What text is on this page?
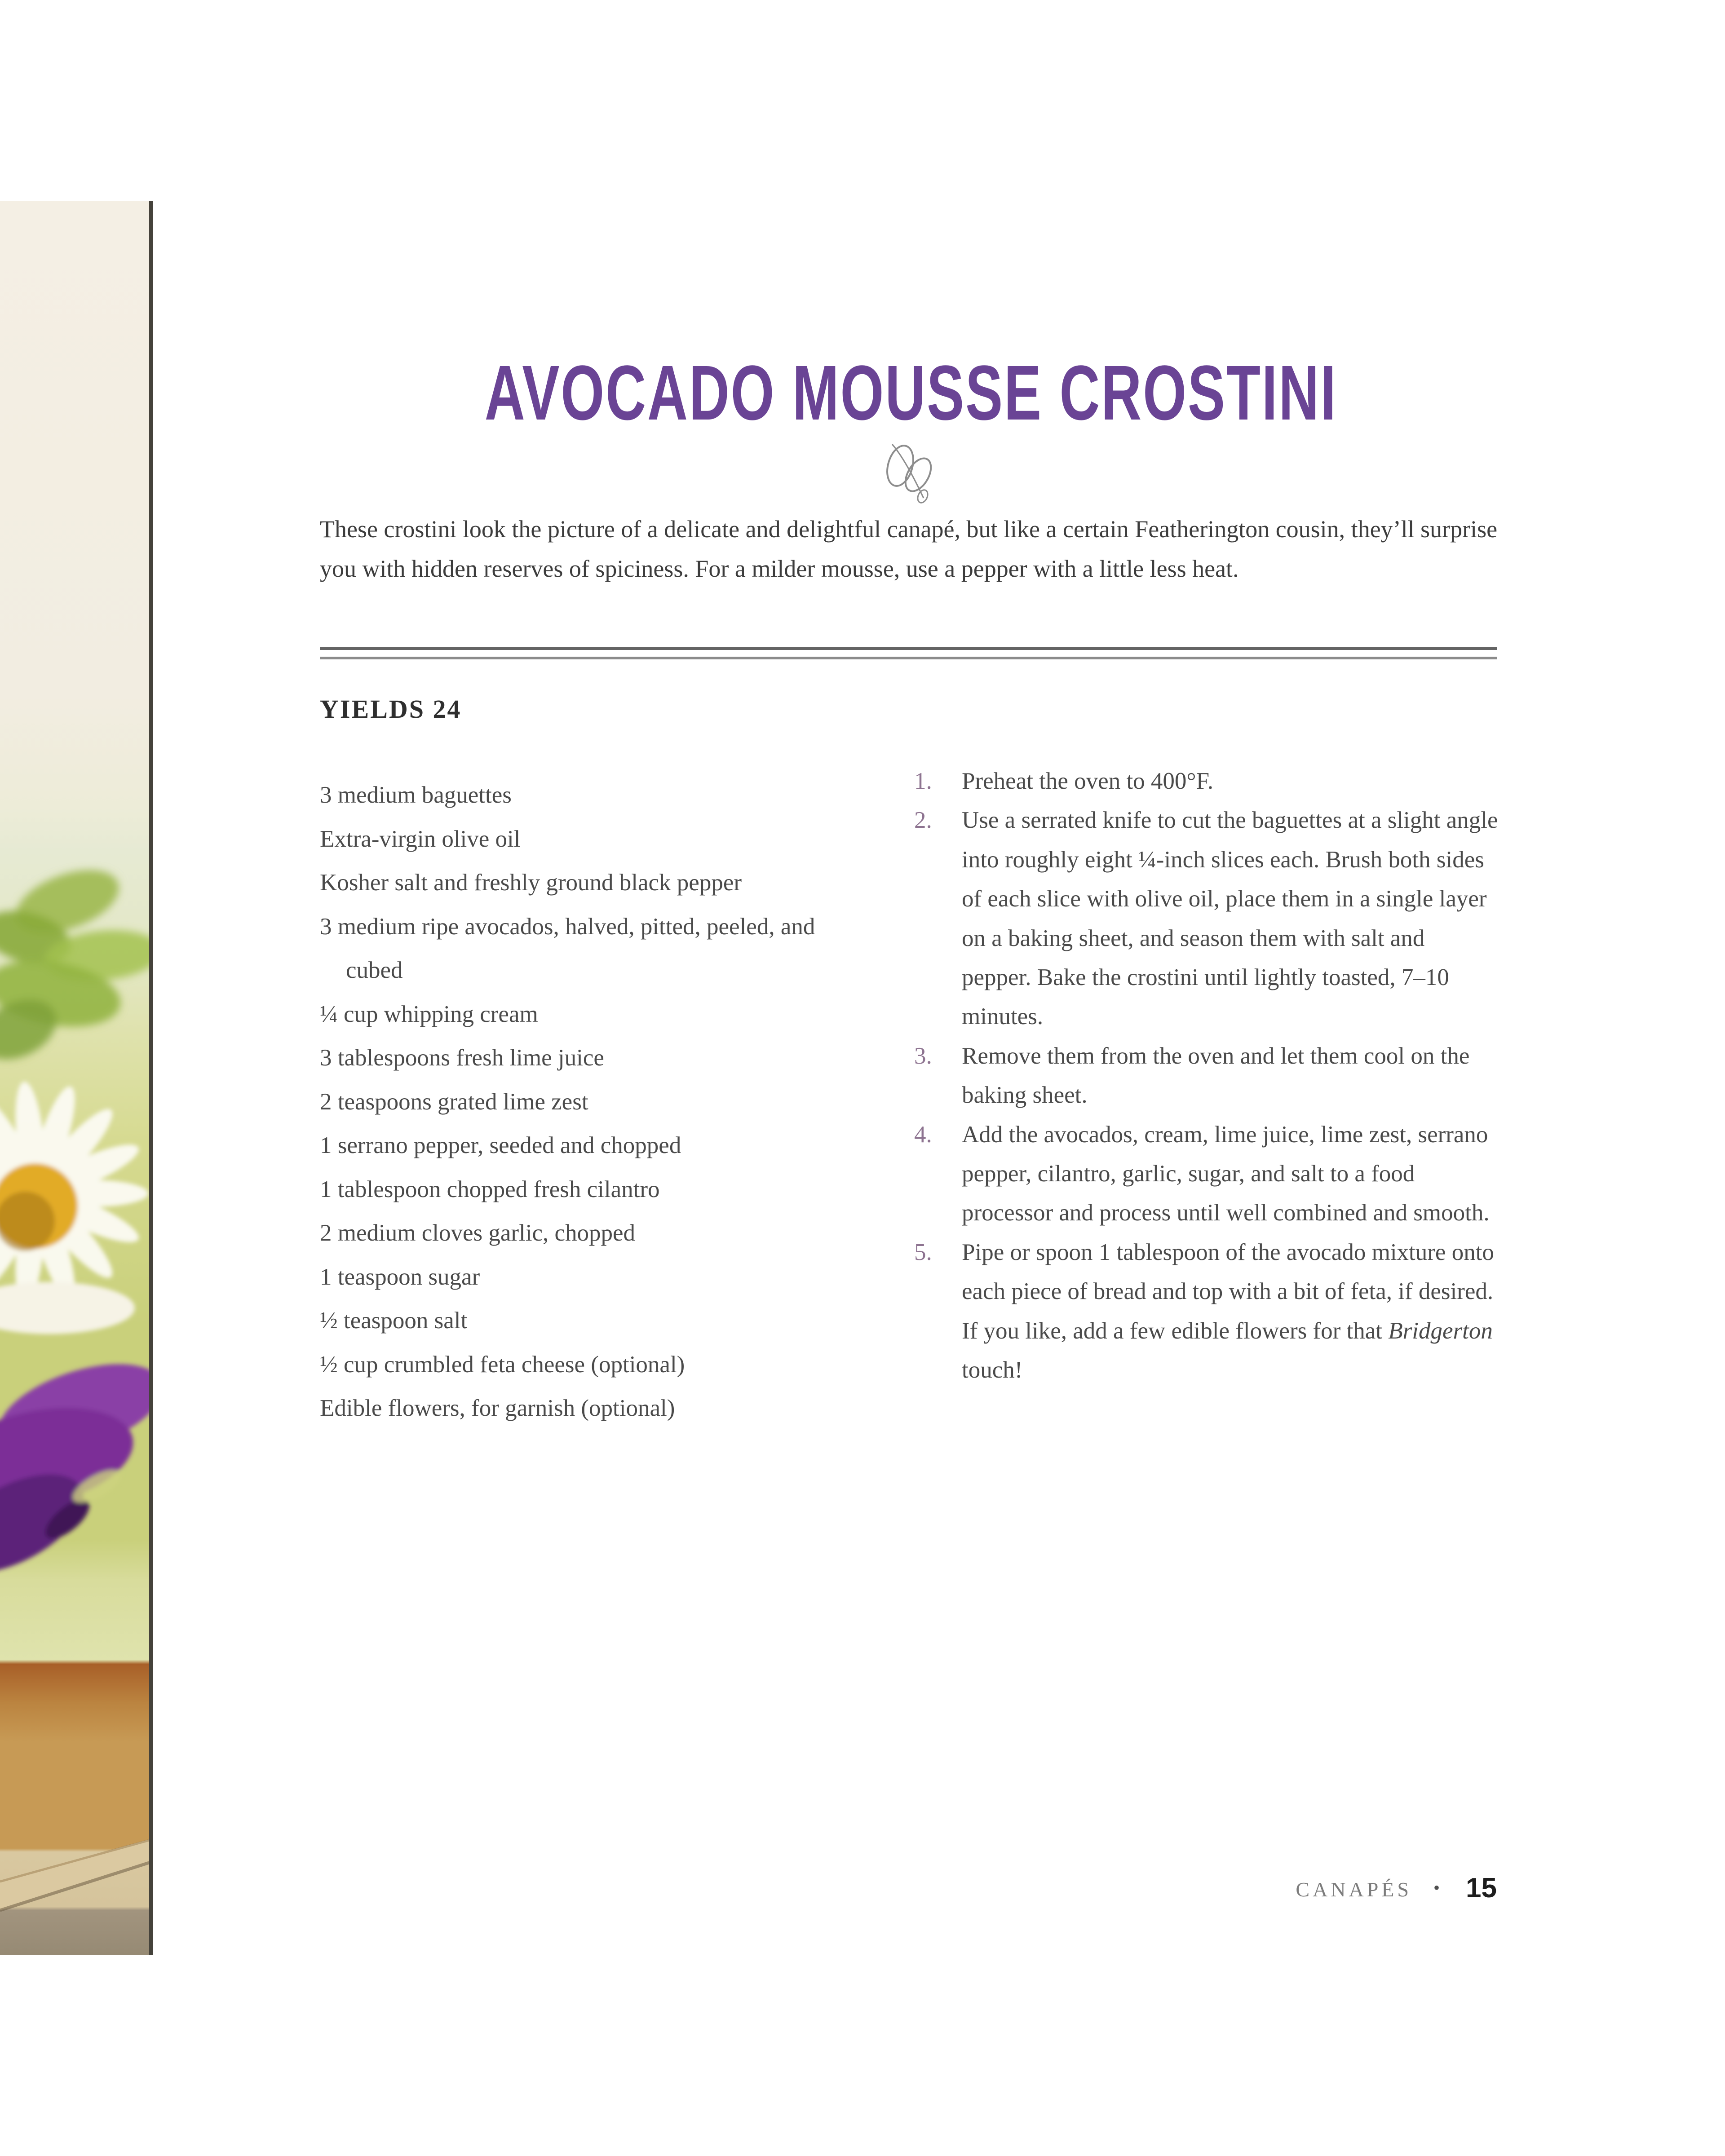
AVOCADO MOUSSE CROSTINI

These crostini look the picture of a delicate and delightful canapé, but like a certain Featherington cousin, they’ll surprise you with hidden reserves of spiciness. For a milder mousse, use a pepper with a little less heat.

YIELDS 24
3 medium baguettes
Extra-virgin olive oil
Kosher salt and freshly ground black pepper
3 medium ripe avocados, halved, pitted, peeled, and cubed
¼ cup whipping cream
3 tablespoons fresh lime juice
2 teaspoons grated lime zest
1 serrano pepper, seeded and chopped
1 tablespoon chopped fresh cilantro
2 medium cloves garlic, chopped
1 teaspoon sugar
½ teaspoon salt
½ cup crumbled feta cheese (optional)
Edible flowers, for garnish (optional)
1.	Preheat the oven to 400°F.
2.	Use a serrated knife to cut the baguettes at a slight angle into roughly eight ¼-inch slices each. Brush both sides of each slice with olive oil, place them in a single layer on a baking sheet, and season them with salt and pepper. Bake the crostini until lightly toasted, 7–10 minutes.
3.	Remove them from the oven and let them cool on the baking sheet.
4.	Add the avocados, cream, lime juice, lime zest, serrano pepper, cilantro, garlic, sugar, and salt to a food processor and process until well combined and smooth.
5.	Pipe or spoon 1 tablespoon of the avocado mixture onto each piece of bread and top with a bit of feta, if desired. If you like, add a few edible flowers for that Bridgerton touch!
CANAPÉS • 15
